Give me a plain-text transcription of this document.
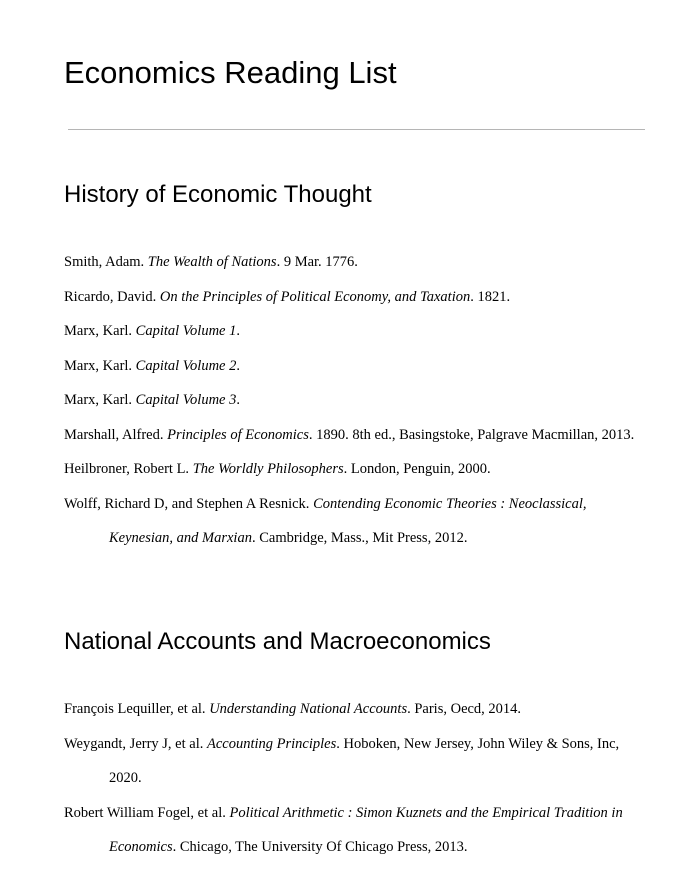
Economics Reading List
History of Economic Thought
Smith, Adam. The Wealth of Nations. 9 Mar. 1776.
Ricardo, David. On the Principles of Political Economy, and Taxation. 1821.
Marx, Karl. Capital Volume 1.
Marx, Karl. Capital Volume 2.
Marx, Karl. Capital Volume 3.
Marshall, Alfred. Principles of Economics. 1890. 8th ed., Basingstoke, Palgrave Macmillan, 2013.
Heilbroner, Robert L. The Worldly Philosophers. London, Penguin, 2000.
Wolff, Richard D, and Stephen A Resnick. Contending Economic Theories : Neoclassical, Keynesian, and Marxian. Cambridge, Mass., Mit Press, 2012.
National Accounts and Macroeconomics
François Lequiller, et al. Understanding National Accounts. Paris, Oecd, 2014.
Weygandt, Jerry J, et al. Accounting Principles. Hoboken, New Jersey, John Wiley & Sons, Inc, 2020.
Robert William Fogel, et al. Political Arithmetic : Simon Kuznets and the Empirical Tradition in Economics. Chicago, The University Of Chicago Press, 2013.
